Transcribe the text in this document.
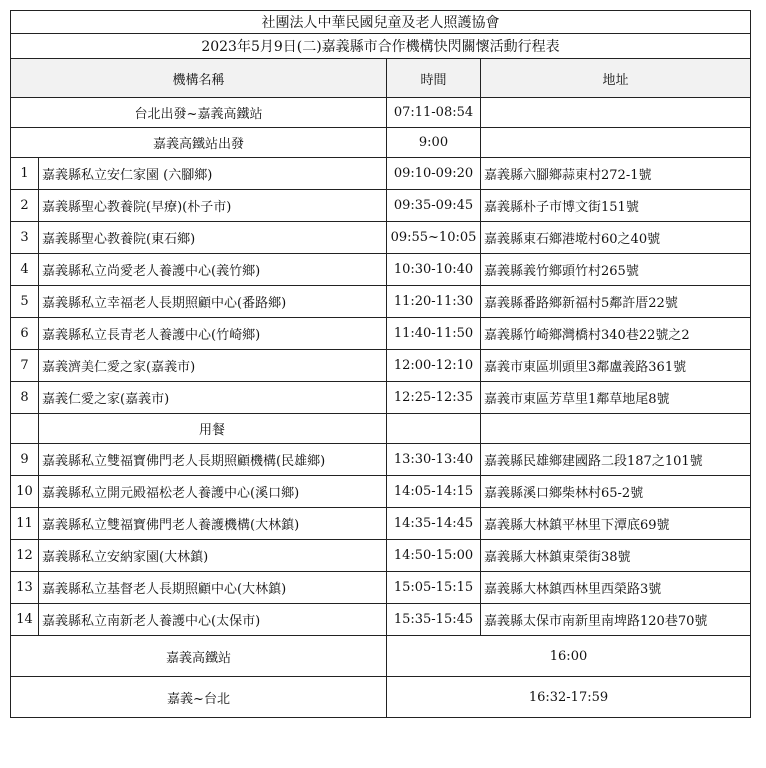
社團法人中華民國兒童及老人照護協會			
2023年5月9日(二)嘉義縣市合作機構快閃關懷活動行程表			
機構名稱		時間	地址
台北出發~嘉義高鐵站		07:11-08:54	
嘉義高鐵站出發		9:00	
1	嘉義縣私立安仁家園 (六腳鄉)	09:10-09:20	嘉義縣六腳鄉蒜東村272-1號
2	嘉義縣聖心教養院(早療)(朴子市)	09:35-09:45	嘉義縣朴子市博文街151號
3	嘉義縣聖心教養院(東石鄉)	09:55~10:05	嘉義縣東石鄉港墘村60之40號
4	嘉義縣私立尚愛老人養護中心(義竹鄉)	10:30-10:40	嘉義縣義竹鄉頭竹村265號
5	嘉義縣私立幸福老人長期照顧中心(番路鄉)	11:20-11:30	嘉義縣番路鄉新福村5鄰許厝22號
6	嘉義縣私立長青老人養護中心(竹崎鄉)	11:40-11:50	嘉義縣竹崎鄉灣橋村340巷22號之2
7	嘉義濟美仁愛之家(嘉義市)	12:00-12:10	嘉義市東區圳頭里3鄰盧義路361號
8	嘉義仁愛之家(嘉義市)	12:25-12:35	嘉義市東區芳草里1鄰草地尾8號
	用餐		
9	嘉義縣私立雙福寶佛門老人長期照顧機構(民雄鄉)	13:30-13:40	嘉義縣民雄鄉建國路二段187之101號
10	嘉義縣私立開元殿福松老人養護中心(溪口鄉)	14:05-14:15	嘉義縣溪口鄉柴林村65-2號
11	嘉義縣私立雙福寶佛門老人養護機構(大林鎮)	14:35-14:45	嘉義縣大林鎮平林里下潭底69號
12	嘉義縣私立安納家園(大林鎮)	14:50-15:00	嘉義縣大林鎮東榮街38號
13	嘉義縣私立基督老人長期照顧中心(大林鎮)	15:05-15:15	嘉義縣大林鎮西林里西榮路3號
14	嘉義縣私立南新老人養護中心(太保市)	15:35-15:45	嘉義縣太保市南新里南埤路120巷70號
嘉義高鐵站		16:00	
嘉義~台北		16:32-17:59	
